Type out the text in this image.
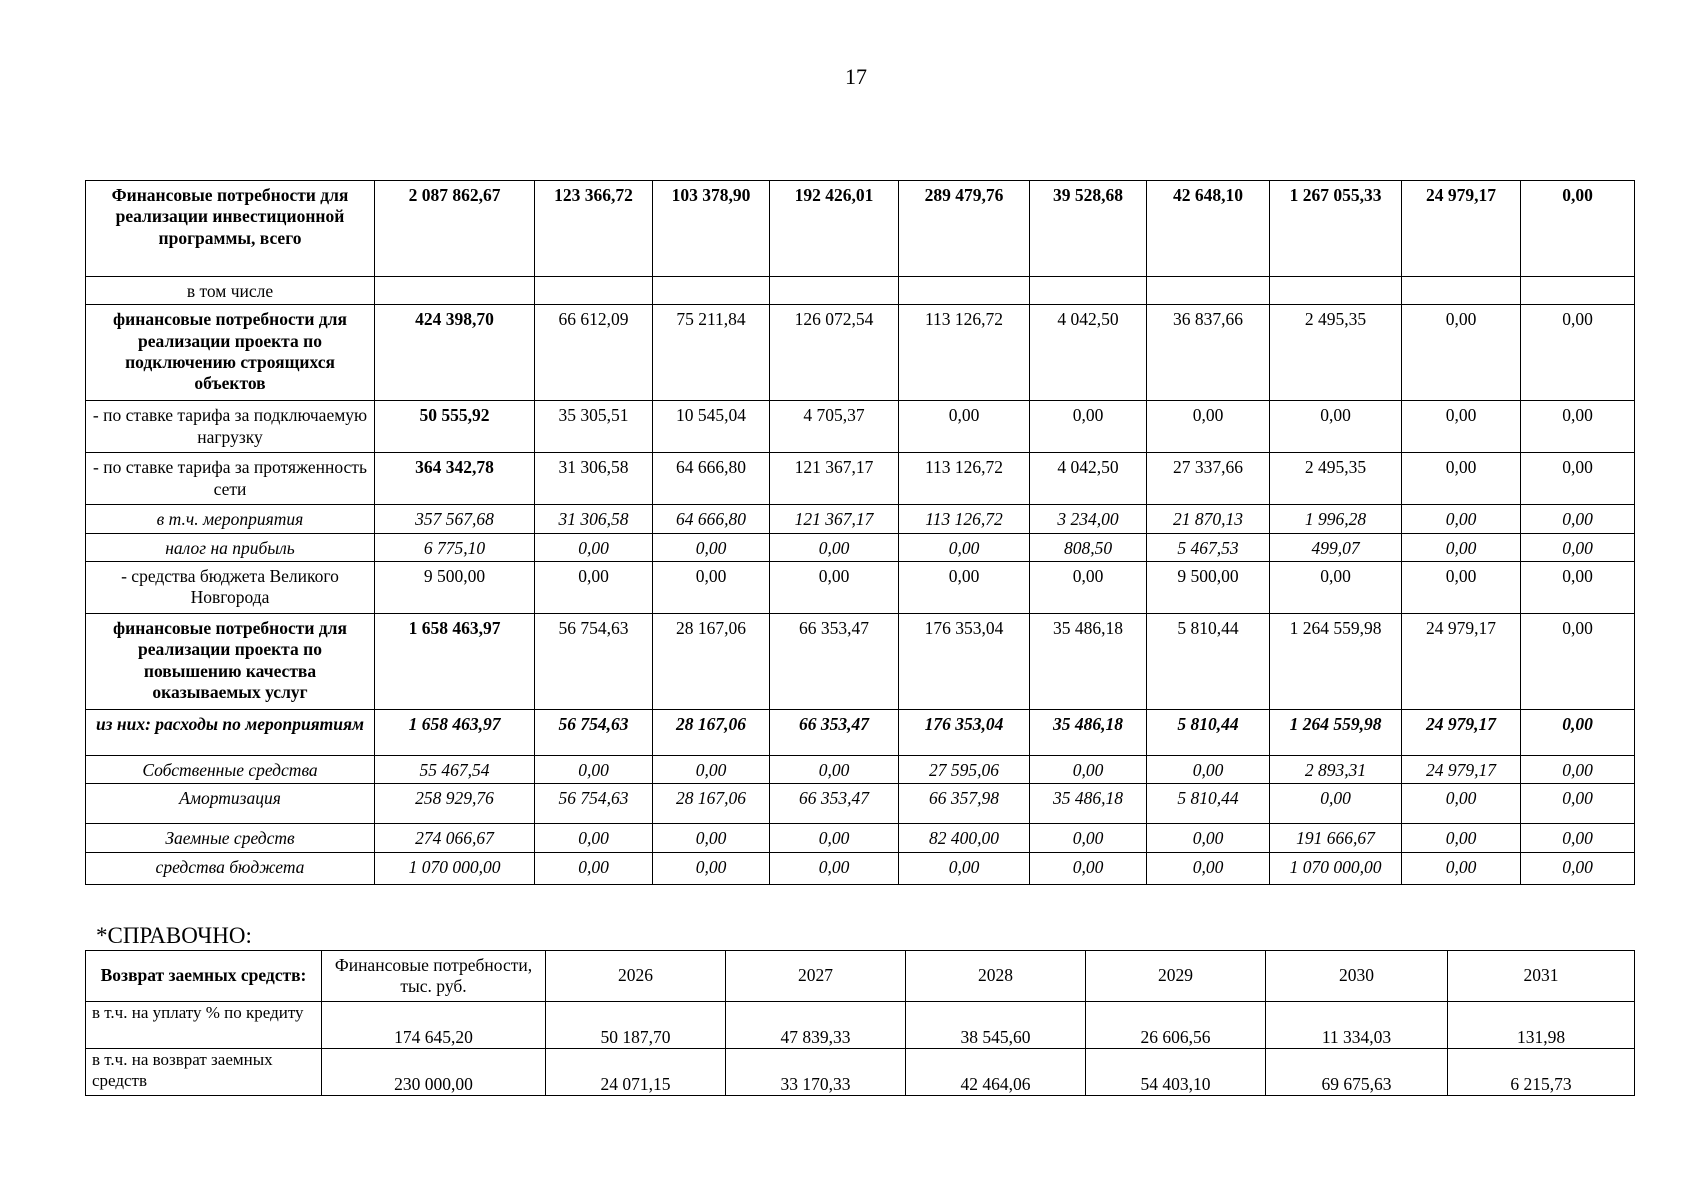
17
Финансовые потребности для реализации инвестиционной программы, всего	2 087 862,67	123 366,72	103 378,90	192 426,01	289 479,76	39 528,68	42 648,10	1 267 055,33	24 979,17	0,00
в том числе										
финансовые потребности для реализации проекта по подключению строящихся объектов	424 398,70	66 612,09	75 211,84	126 072,54	113 126,72	4 042,50	36 837,66	2 495,35	0,00	0,00
- по ставке тарифа за подключаемую нагрузку	50 555,92	35 305,51	10 545,04	4 705,37	0,00	0,00	0,00	0,00	0,00	0,00
- по ставке тарифа за протяженность сети	364 342,78	31 306,58	64 666,80	121 367,17	113 126,72	4 042,50	27 337,66	2 495,35	0,00	0,00
в т.ч. мероприятия	357 567,68	31 306,58	64 666,80	121 367,17	113 126,72	3 234,00	21 870,13	1 996,28	0,00	0,00
налог на прибыль	6 775,10	0,00	0,00	0,00	0,00	808,50	5 467,53	499,07	0,00	0,00
- средства бюджета Великого Новгорода	9 500,00	0,00	0,00	0,00	0,00	0,00	9 500,00	0,00	0,00	0,00
финансовые потребности для реализации проекта по повышению качества оказываемых услуг	1 658 463,97	56 754,63	28 167,06	66 353,47	176 353,04	35 486,18	5 810,44	1 264 559,98	24 979,17	0,00
из них: расходы по мероприятиям	1 658 463,97	56 754,63	28 167,06	66 353,47	176 353,04	35 486,18	5 810,44	1 264 559,98	24 979,17	0,00
Собственные средства	55 467,54	0,00	0,00	0,00	27 595,06	0,00	0,00	2 893,31	24 979,17	0,00
Амортизация	258 929,76	56 754,63	28 167,06	66 353,47	66 357,98	35 486,18	5 810,44	0,00	0,00	0,00
Заемные средств	274 066,67	0,00	0,00	0,00	82 400,00	0,00	0,00	191 666,67	0,00	0,00
средства бюджета	1 070 000,00	0,00	0,00	0,00	0,00	0,00	0,00	1 070 000,00	0,00	0,00
*СПРАВОЧНО:
Возврат заемных средств:	Финансовые потребности, тыс. руб.	2026	2027	2028	2029	2030	2031
в т.ч. на уплату % по кредиту	174 645,20	50 187,70	47 839,33	38 545,60	26 606,56	11 334,03	131,98
в т.ч. на возврат заемных средств	230 000,00	24 071,15	33 170,33	42 464,06	54 403,10	69 675,63	6 215,73
